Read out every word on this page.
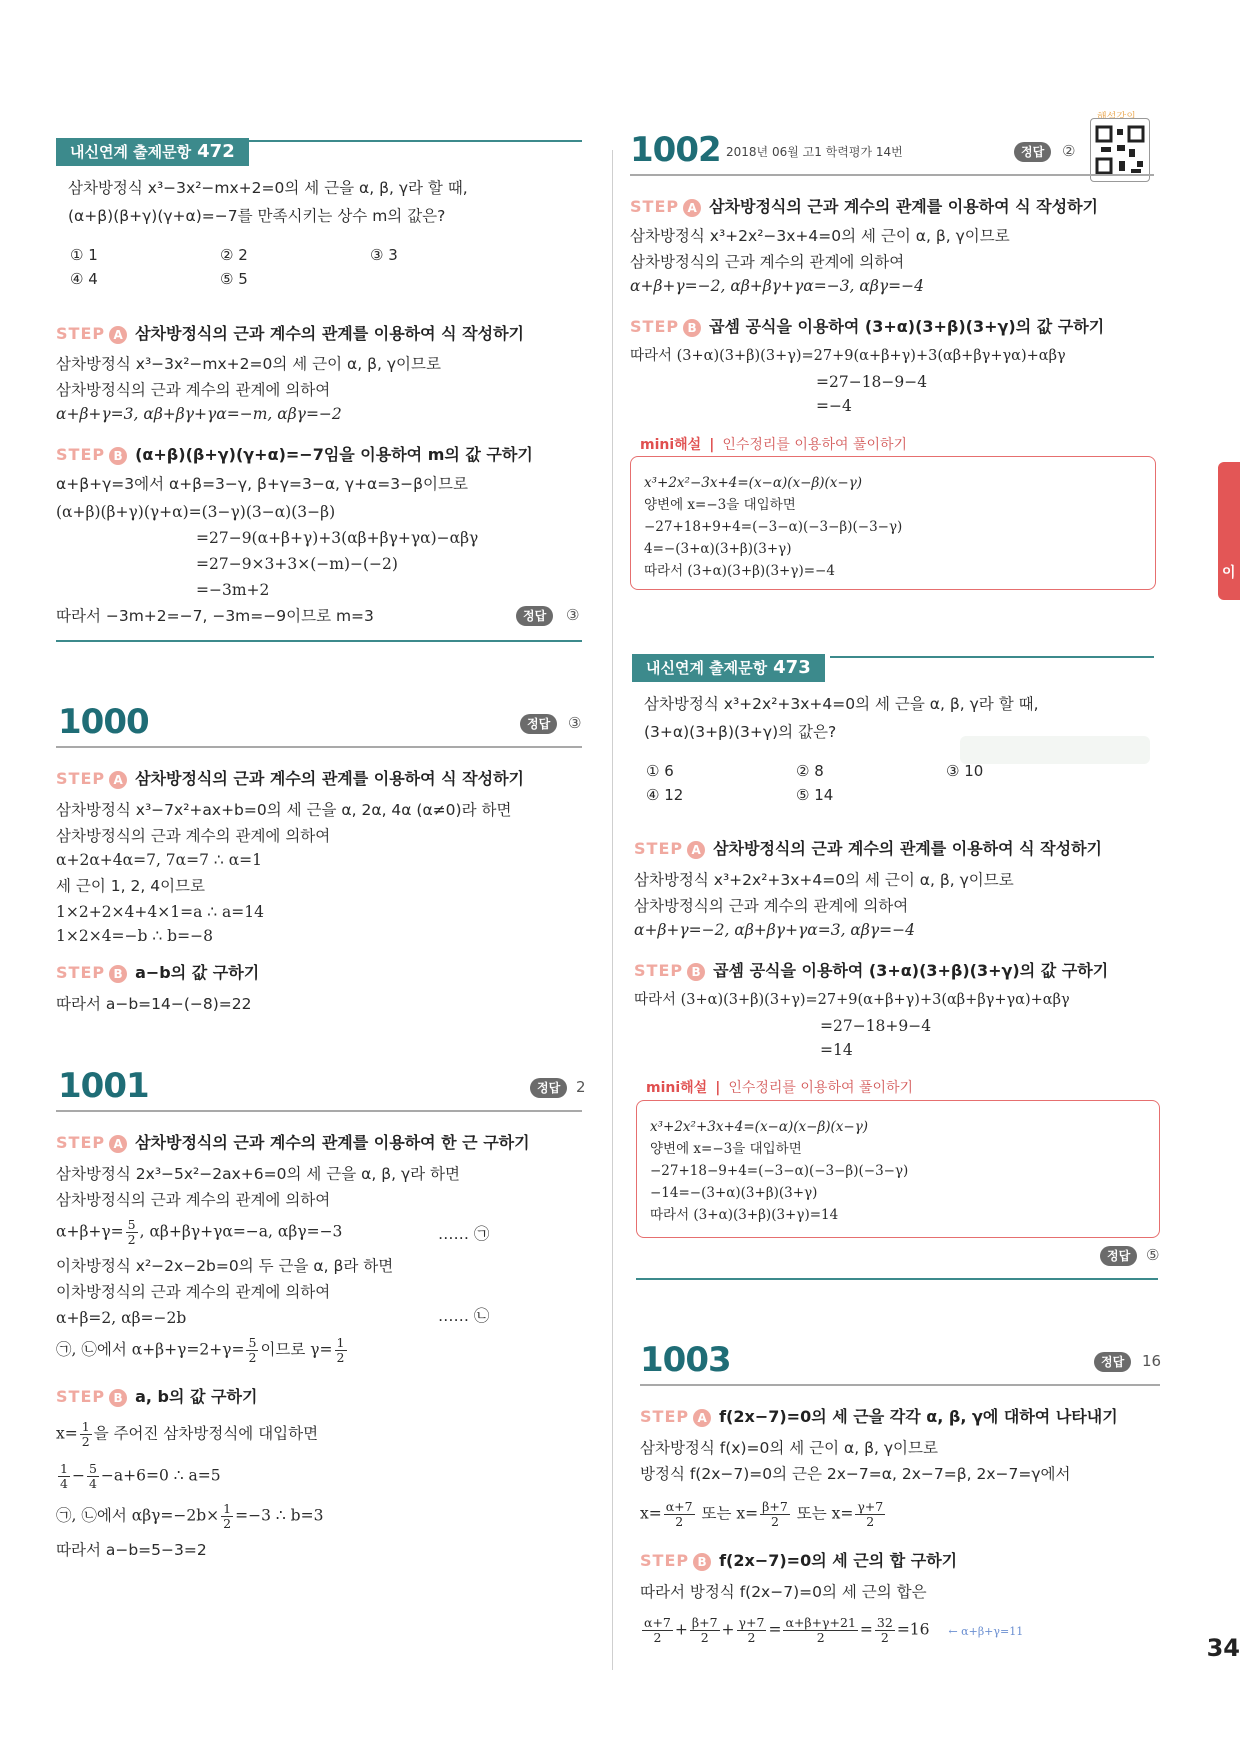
내신연계 출제문항 472
삼차방정식 x³−3x²−mx+2=0의 세 근을 α, β, γ라 할 때,
(α+β)(β+γ)(γ+α)=−7를 만족시키는 상수 m의 값은?
① 1	② 2	③ 3
④ 4	⑤ 5
STEP A 삼차방정식의 근과 계수의 관계를 이용하여 식 작성하기
삼차방정식 x³−3x²−mx+2=0의 세 근이 α, β, γ이므로
삼차방정식의 근과 계수의 관계에 의하여
α+β+γ=3, αβ+βγ+γα=−m, αβγ=−2
STEP B (α+β)(β+γ)(γ+α)=−7임을 이용하여 m의 값 구하기
α+β+γ=3에서 α+β=3−γ, β+γ=3−α, γ+α=3−β이므로
(α+β)(β+γ)(γ+α)=(3−γ)(3−α)(3−β)
=27−9(α+β+γ)+3(αβ+βγ+γα)−αβγ
=27−9×3+3×(−m)−(−2)
=−3m+2
따라서 −3m+2=−7, −3m=−9이므로 m=3	정답	③
1000	정답	③
STEP A 삼차방정식의 근과 계수의 관계를 이용하여 식 작성하기
삼차방정식 x³−7x²+ax+b=0의 세 근을 α, 2α, 4α (α≠0)라 하면
삼차방정식의 근과 계수의 관계에 의하여
α+2α+4α=7, 7α=7 ∴ α=1
세 근이 1, 2, 4이므로
1×2+2×4+4×1=a ∴ a=14
1×2×4=−b ∴ b=−8
STEP B a−b의 값 구하기
따라서 a−b=14−(−8)=22
1001	정답	2
STEP A 삼차방정식의 근과 계수의 관계를 이용하여 한 근 구하기
삼차방정식 2x³−5x²−2ax+6=0의 세 근을 α, β, γ라 하면
삼차방정식의 근과 계수의 관계에 의하여
$\alpha+\beta+\gamma= \frac{5}{2}$ , αβ+βγ+γα=−a, αβγ=−3	…… ㉠
이차방정식 x²−2x−2b=0의 두 근을 α, β라 하면
이차방정식의 근과 계수의 관계에 의하여
α+β=2, αβ=−2b	…… ㉡
㉠, ㉡에서 $\alpha+\beta+\gamma=2+\gamma= \frac{5}{2}$ 이므로 $\gamma= \frac{1}{2}$
STEP B a, b의 값 구하기
$x= \frac{1}{2}$ 을 주어진 삼차방정식에 대입하면
$\frac{1}{4} - \frac{5}{4} -a+6=0$ ∴ a=5
㉠, ㉡에서 $\alpha\beta\gamma=-2b\times \frac{1}{2} =-3$ ∴ b=3
따라서 a−b=5−3=2
1002 2018년 06월 고1 학력평가 14번	정답	②
STEP A 삼차방정식의 근과 계수의 관계를 이용하여 식 작성하기
삼차방정식 x³+2x²−3x+4=0의 세 근이 α, β, γ이므로
삼차방정식의 근과 계수의 관계에 의하여
α+β+γ=−2, αβ+βγ+γα=−3, αβγ=−4
STEP B 곱셈 공식을 이용하여 (3+α)(3+β)(3+γ)의 값 구하기
따라서 (3+α)(3+β)(3+γ)=27+9(α+β+γ)+3(αβ+βγ+γα)+αβγ
=27−18−9−4
=−4
mini해설 | 인수정리를 이용하여 풀이하기
x³+2x²−3x+4=(x−α)(x−β)(x−γ)
양변에 x=−3을 대입하면
−27+18+9+4=(−3−α)(−3−β)(−3−γ)
4=−(3+α)(3+β)(3+γ)
따라서 (3+α)(3+β)(3+γ)=−4
내신연계 출제문항 473
삼차방정식 x³+2x²+3x+4=0의 세 근을 α, β, γ라 할 때,
(3+α)(3+β)(3+γ)의 값은?
① 6	② 8	③ 10
④ 12	⑤ 14
STEP A 삼차방정식의 근과 계수의 관계를 이용하여 식 작성하기
삼차방정식 x³+2x²+3x+4=0의 세 근이 α, β, γ이므로
삼차방정식의 근과 계수의 관계에 의하여
α+β+γ=−2, αβ+βγ+γα=3, αβγ=−4
STEP B 곱셈 공식을 이용하여 (3+α)(3+β)(3+γ)의 값 구하기
따라서 (3+α)(3+β)(3+γ)=27+9(α+β+γ)+3(αβ+βγ+γα)+αβγ
=27−18+9−4
=14
mini해설 | 인수정리를 이용하여 풀이하기
x³+2x²+3x+4=(x−α)(x−β)(x−γ)
양변에 x=−3을 대입하면
−27+18−9+4=(−3−α)(−3−β)(−3−γ)
−14=−(3+α)(3+β)(3+γ)
따라서 (3+α)(3+β)(3+γ)=14
정답	⑤
1003	정답	16
STEP A f(2x−7)=0의 세 근을 각각 α, β, γ에 대하여 나타내기
삼차방정식 f(x)=0의 세 근이 α, β, γ이므로
방정식 f(2x−7)=0의 근은 2x−7=α, 2x−7=β, 2x−7=γ에서
$x= \frac{\alpha+7}{2}$ 또는 $x= \frac{\beta+7}{2}$ 또는 $x= \frac{\gamma+7}{2}$
STEP B f(2x−7)=0의 세 근의 합 구하기
따라서 방정식 f(2x−7)=0의 세 근의 합은
$\frac{\alpha+7}{2} + \frac{\beta+7}{2} + \frac{\gamma+7}{2} = \frac{\alpha+\beta+\gamma+21}{2} = \frac{32}{2} =16$ ← α+β+γ=11
이
34
